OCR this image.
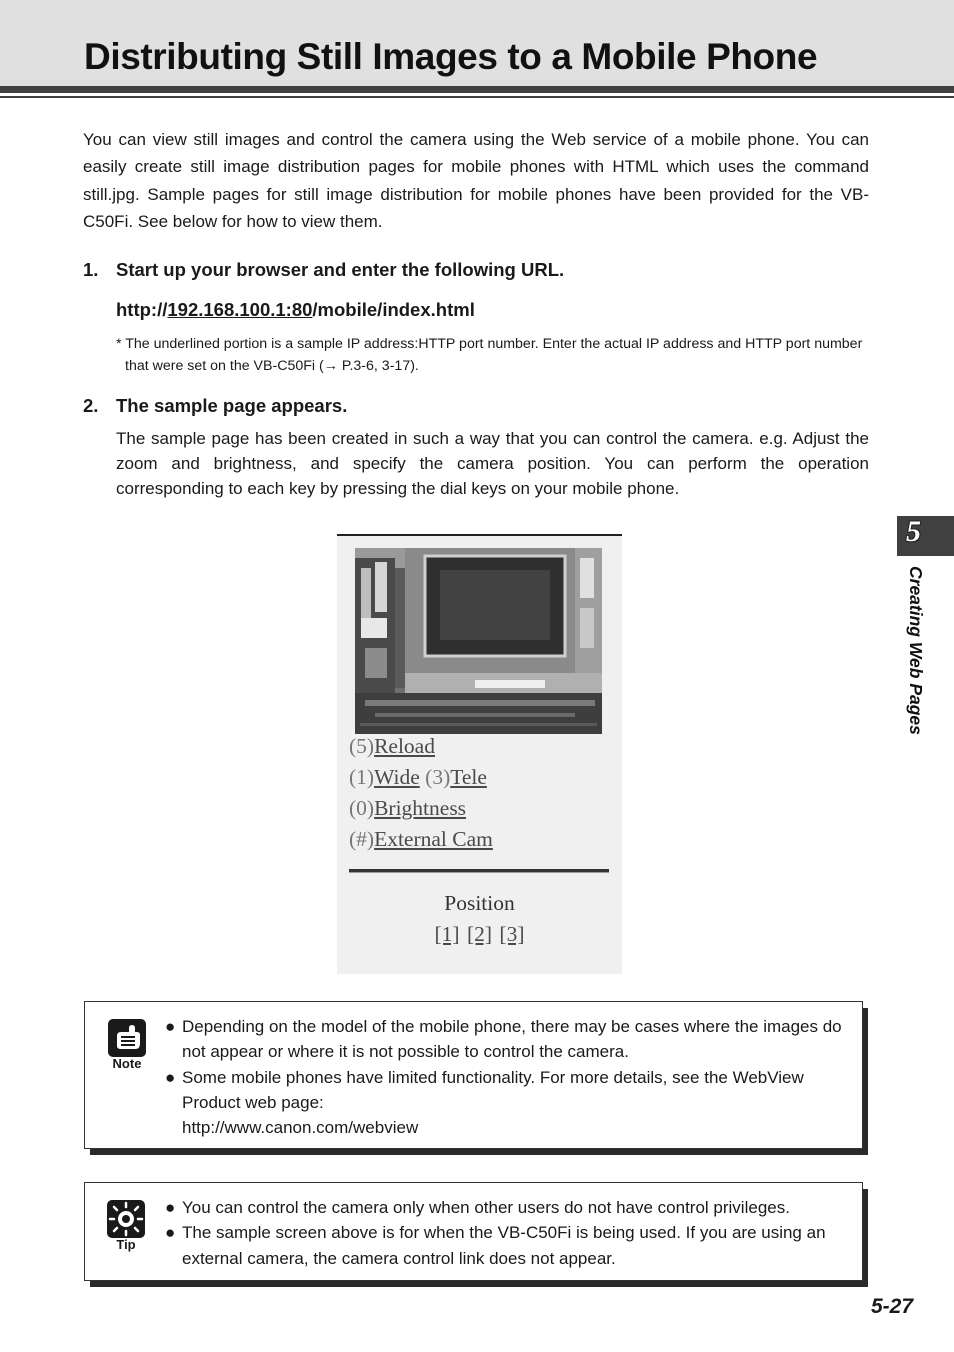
Distributing Still Images to a Mobile Phone

You can view still images and control the camera using the Web service of a mobile phone. You can easily create still image distribution pages for mobile phones with HTML which uses the command still.jpg. Sample pages for still image distribution for mobile phones have been provided for the VB-C50Fi. See below for how to view them.

1. Start up your browser and enter the following URL.
http://192.168.100.1:80/mobile/index.html

* The underlined portion is a sample IP address:HTTP port number. Enter the actual IP address and HTTP port number that were set on the VB-C50Fi (→ P.3-6, 3-17).

2. The sample page appears.

The sample page has been created in such a way that you can control the camera. e.g. Adjust the zoom and brightness, and specify the camera position. You can perform the operation corresponding to each key by pressing the dial keys on your mobile phone.

(5)Reload
(1)Wide (3)Tele
(0)Brightness
(#)External Cam
Position
[1] [2] [3]
Note
● Depending on the model of the mobile phone, there may be cases where the images do not appear or where it is not possible to control the camera.
● Some mobile phones have limited functionality. For more details, see the WebView Product web page:
http://www.canon.com/webview
Tip
● You can control the camera only when other users do not have control privileges.
● The sample screen above is for when the VB-C50Fi is being used. If you are using an external camera, the camera control link does not appear.
5
Creating Web Pages
5-27
